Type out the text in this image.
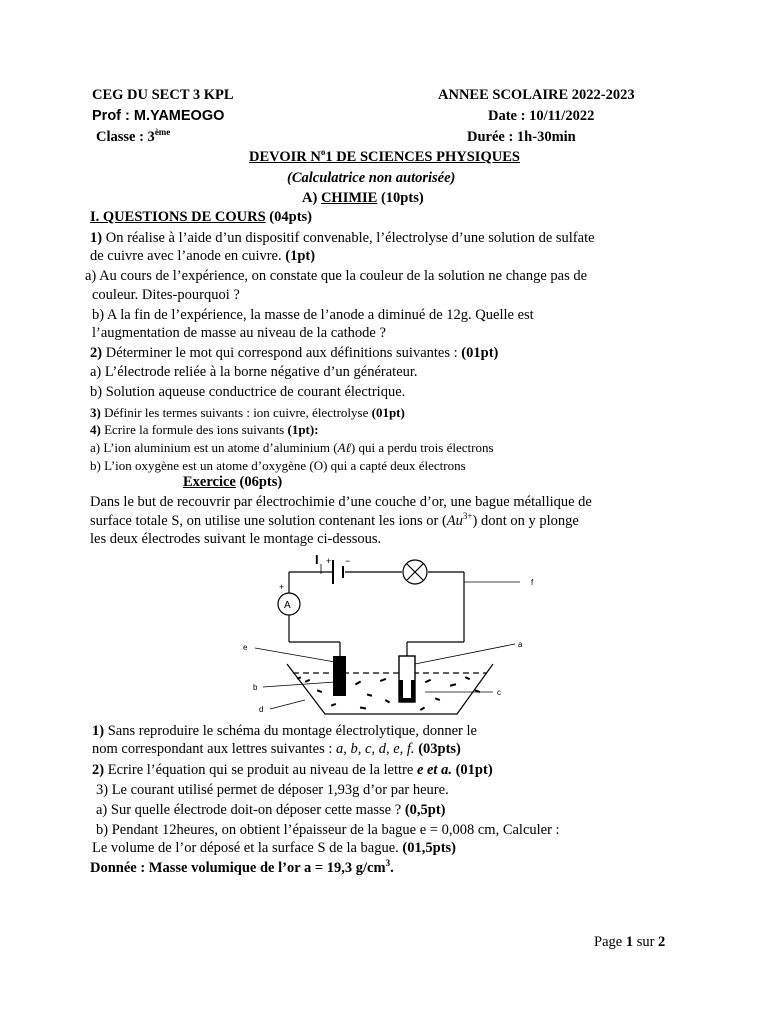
CEG DU SECT 3 KPL	ANNEE SCOLAIRE 2022-2023
Prof : M.YAMEOGO	Date : 10/11/2022
Classe : 3ème	Durée : 1h-30min
DEVOIR $N^o1$ DE SCIENCES PHYSIQUES
(Calculatrice non autorisée)
A) CHIMIE (10pts)
I. QUESTIONS DE COURS (04pts)
1) On réalise à l’aide d’un dispositif convenable, l’électrolyse d’une solution de sulfate
de cuivre avec l’anode en cuivre. (1pt)
a) Au cours de l’expérience, on constate que la couleur de la solution ne change pas de
couleur. Dites-pourquoi ?
b) A la fin de l’expérience, la masse de l’anode a diminué de 12g. Quelle est
l’augmentation de masse au niveau de la cathode ?
2) Déterminer le mot qui correspond aux définitions suivantes : (01pt)
a) L’électrode reliée à la borne négative d’un générateur.
b) Solution aqueuse conductrice de courant électrique.
3) Définir les termes suivants : ion cuivre, électrolyse (01pt)
4) Ecrire la formule des ions suivants (1pt):
a) L’ion aluminium est un atome d’aluminium (Aℓ) qui a perdu trois électrons
b) L’ion oxygène est un atome d’oxygène (O) qui a capté deux électrons
Exercice (06pts)
Dans le but de recouvrir par électrochimie d’une couche d’or, une bague métallique de
surface totale S, on utilise une solution contenant les ions or $(Au^{3+})$ dont on y plonge
les deux électrodes suivant le montage ci-dessous.
I + −
+
A
f
e	a
b
c
d
1) Sans reproduire le schéma du montage électrolytique, donner le
nom correspondant aux lettres suivantes : a, b, c, d, e, f. (03pts)
2) Ecrire l’équation qui se produit au niveau de la lettre e et a. (01pt)
3) Le courant utilisé permet de déposer 1,93g d’or par heure.
a) Sur quelle électrode doit-on déposer cette masse ? (0,5pt)
b) Pendant 12heures, on obtient l’épaisseur de la bague e = 0,008 cm, Calculer :
Le volume de l’or déposé et la surface S de la bague. (01,5pts)
Donnée : Masse volumique de l’or a = 19,3 $g/cm^3$.
Page 1 sur 2
